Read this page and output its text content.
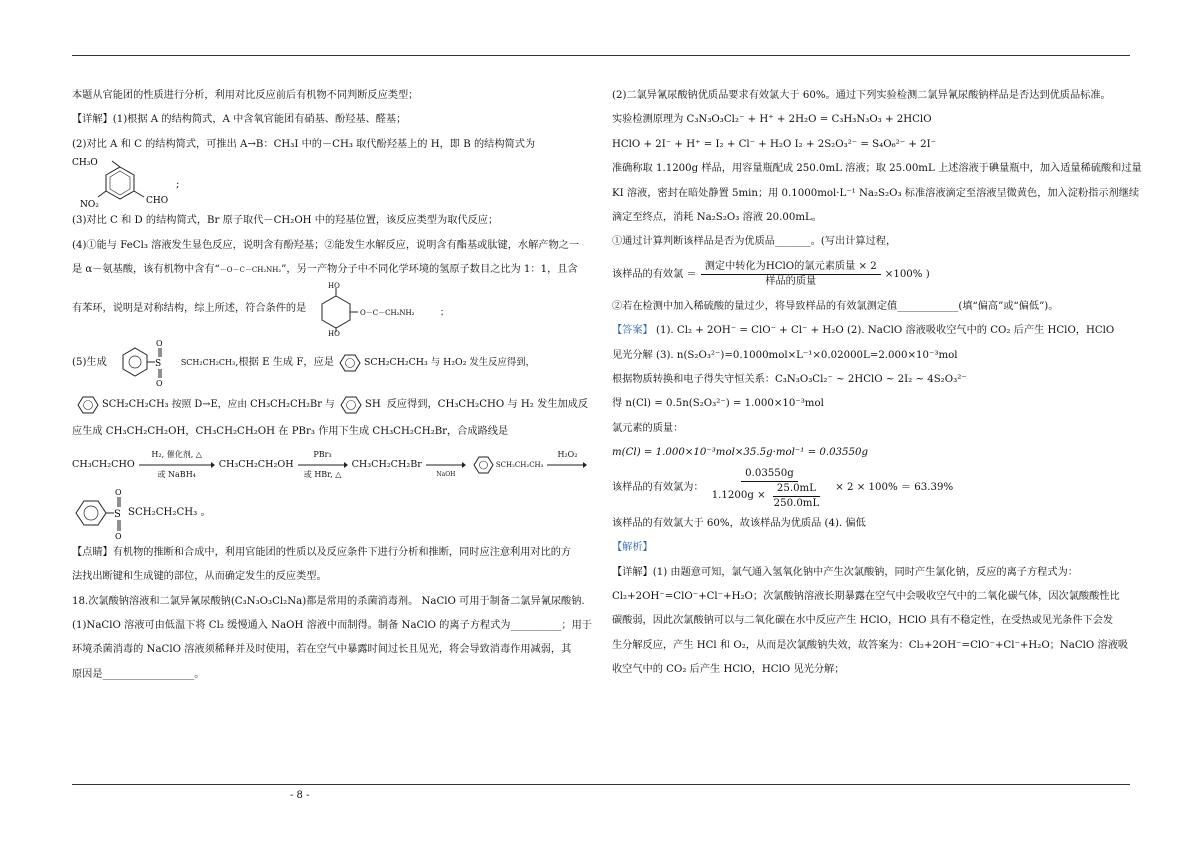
本题从官能团的性质进行分析，利用对比反应前后有机物不同判断反应类型；

【详解】(1)根据 A 的结构简式，A 中含氧官能团有硝基、酚羟基、醛基；

(2)对比 A 和 C 的结构简式，可推出 A→B：CH₃I 中的－CH₃ 取代酚羟基上的 H，即 B 的结构简式为

CH₃O
NO₂	CHO
;

(3)对比 C 和 D 的结构简式，Br 原子取代－CH₂OH 中的羟基位置，该反应类型为取代反应；

(4)①能与 FeCl₃ 溶液发生显色反应，说明含有酚羟基；②能发生水解反应，说明含有酯基或肽键，水解产物之一

是 α－氨基酸，该有机物中含有“－O－C－CH₂NH₂”，另一产物分子中不同化学环境的氢原子数目之比为 1：1，且含

有苯环，说明是对称结构，综上所述，符合条件的是
HO
HO
O－C－CH₂NH₂	；
(5)生成	S
O
O
SCH₂CH₂CH₃ ,根据 E 生成 F，应是	SCH₂CH₂CH₃ 与 H₂O₂ 发生反应得到，
SCH₂CH₂CH₃ 按照 D→E，应由 CH₃CH₂CH₂Br 与	SH 反应得到，CH₃CH₂CHO 与 H₂ 发生加成反

应生成 CH₃CH₂CH₂OH，CH₃CH₂CH₂OH 在 PBr₃ 作用下生成 CH₃CH₂CH₂Br，合成路线是

CH₃CH₂CHO
H₂, 催化剂, △
或 NaBH₄
CH₃CH₂CH₂OH
PBr₃
或 HBr, △
CH₃CH₂CH₂Br

NaOH
SCH₂CH₂CH₃
H₂O₂

S
O
O
SCH₂CH₂CH₃ 。

【点睛】有机物的推断和合成中，利用官能团的性质以及反应条件下进行分析和推断，同时应注意利用对比的方

法找出断键和生成键的部位，从而确定发生的反应类型。

18.次氯酸钠溶液和二氯异氰尿酸钠(C₃N₃O₃Cl₂Na)都是常用的杀菌消毒剂。 NaClO 可用于制备二氯异氰尿酸钠.

(1)NaClO 溶液可由低温下将 Cl₂ 缓慢通入 NaOH 溶液中而制得。制备 NaClO 的离子方程式为__________；用于

环境杀菌消毒的 NaClO 溶液须稀释并及时使用，若在空气中暴露时间过长且见光，将会导致消毒作用减弱，其

原因是__________________。

(2)二氯异氰尿酸钠优质品要求有效氯大于 60%。通过下列实验检测二氯异氰尿酸钠样品是否达到优质品标准。

实验检测原理为 C₃N₃O₃Cl₂⁻ + H⁺ + 2H₂O = C₃H₃N₃O₃ + 2HClO

HClO + 2I⁻ + H⁺ = I₂ + Cl⁻ + H₂O I₂ + 2S₂O₃²⁻ = S₄O₆²⁻ + 2I⁻

准确称取 1.1200g 样品，用容量瓶配成 250.0mL 溶液；取 25.00mL 上述溶液于碘量瓶中，加入适量稀硫酸和过量

KI 溶液，密封在暗处静置 5min；用 0.1000mol·L⁻¹ Na₂S₂O₃ 标准溶液滴定至溶液呈微黄色，加入淀粉指示剂继续

滴定至终点，消耗 Na₂S₂O₃ 溶液 20.00mL。

①通过计算判断该样品是否为优质品_______。(写出计算过程，

该样品的有效氯 ＝ $\frac{\text{测定中转化为HClO的氯元素质量 × 2}}{\text{样品的质量}} \times 100\%$ )

②若在检测中加入稀硫酸的量过少，将导致样品的有效氯测定值____________(填“偏高”或“偏低”)。

【答案】 (1). Cl₂ + 2OH⁻ = ClO⁻ + Cl⁻ + H₂O (2). NaClO 溶液吸收空气中的 CO₂ 后产生 HClO，HClO

见光分解 (3). n(S₂O₃²⁻)=0.1000mol×L⁻¹×0.02000L=2.000×10⁻³mol

根据物质转换和电子得失守恒关系：C₃N₃O₃Cl₂⁻ ~ 2HClO ~ 2I₂ ~ 4S₂O₃²⁻

得 n(Cl) = 0.5n(S₂O₃²⁻) = 1.000×10⁻³mol

氯元素的质量：

m(Cl) = 1.000×10⁻³mol×35.5g·mol⁻¹ = 0.03550g

该样品的有效氯为： $\frac{0.03550g}{1.1200g \times \frac{25.0mL}{250.0mL}} \times 2 \times 100\% = 63.39\%$

该样品的有效氯大于 60%，故该样品为优质品 (4). 偏低

【解析】

【详解】(1) 由题意可知，氯气通入氢氧化钠中产生次氯酸钠，同时产生氯化钠，反应的离子方程式为：

Cl₂+2OH⁻=ClO⁻+Cl⁻+H₂O；次氯酸钠溶液长期暴露在空气中会吸收空气中的二氧化碳气体，因次氯酸酸性比

碳酸弱，因此次氯酸钠可以与二氧化碳在水中反应产生 HClO，HClO 具有不稳定性，在受热或见光条件下会发

生分解反应，产生 HCl 和 O₂，从而是次氯酸钠失效，故答案为：Cl₂+2OH⁻=ClO⁻+Cl⁻+H₂O；NaClO 溶液吸

收空气中的 CO₂ 后产生 HClO，HClO 见光分解；

- 8 -
